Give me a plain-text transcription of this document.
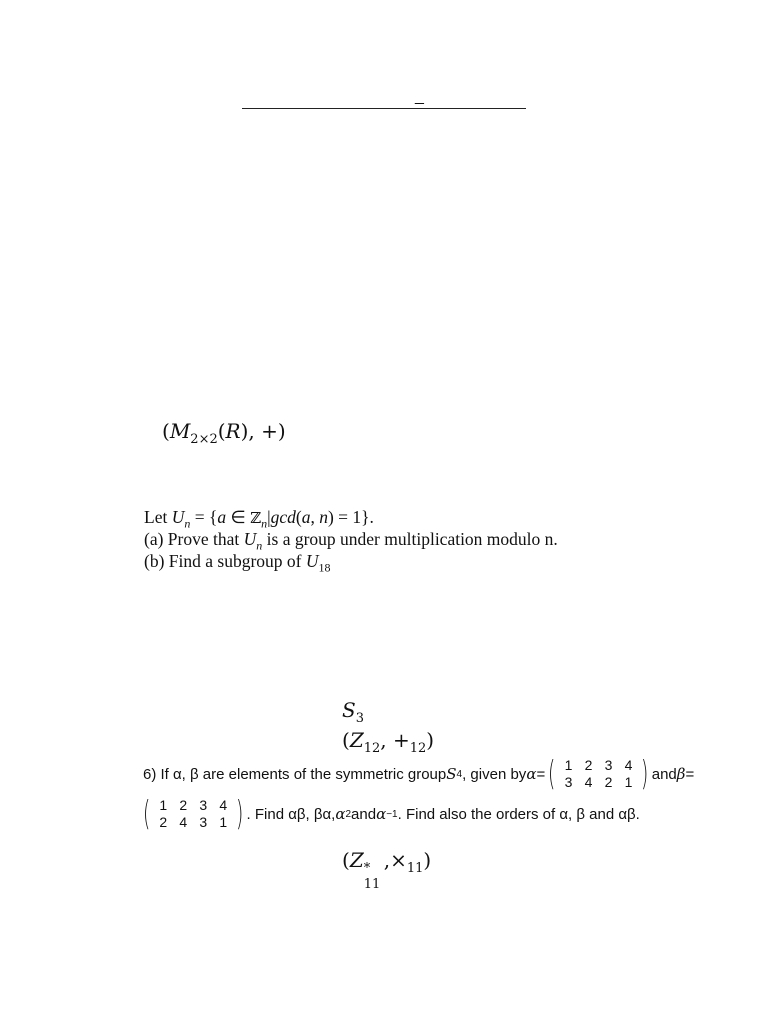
_
($M_{2\times 2}(R)$, +)
Let $U_n = \{a$ ∈ ℤ$_n$|gcd(a, n) = 1}.
(a) Prove that $U_n$ is a group under multiplication modulo n.
(b) Find a subgroup of $U_{18}$
$S_3$
($Z_{12}$, $+_{12}$)
6) If α, β are elements of the symmetric group S 4 , given by α = ( 1 2 3 4
3 4 2 1 ) and β =
( 1 2 3 4
2 4 3 1 ) . Find αβ, βα, α 2 and α −1 . Find also the orders of α, β and αβ.
(Z *
11
$,\times_{11}$)
